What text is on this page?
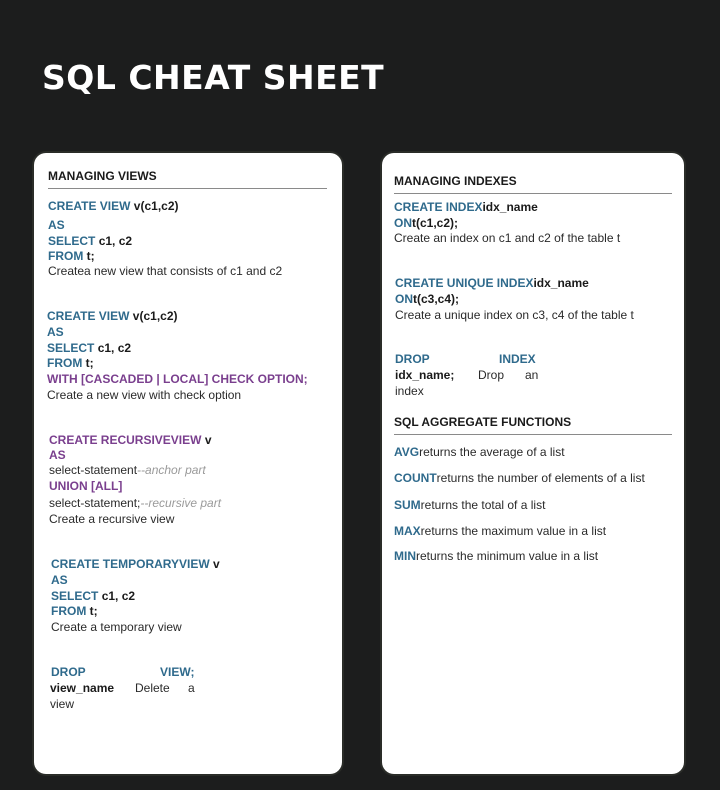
SQL CHEAT SHEET
MANAGING VIEWS
CREATE VIEW v(c1,c2)
AS
SELECT c1, c2
FROM t;
Createa new view that consists of c1 and c2
CREATE VIEW v(c1,c2)
AS
SELECT c1, c2
FROM t;
WITH [CASCADED | LOCAL] CHECK OPTION;
Create a new view with check option
CREATE RECURSIVEVIEW v
AS
select-statement--anchor part
UNION [ALL]
select-statement;--recursive part
Create a recursive view
CREATE TEMPORARYVIEW v
AS
SELECT c1, c2
FROM t;
Create a temporary view
DROP	VIEW;
view_name Delete a
view
MANAGING INDEXES
CREATE INDEXidx_name
ONt(c1,c2);
Create an index on c1 and c2 of the table t
CREATE UNIQUE INDEXidx_name
ONt(c3,c4);
Create a unique index on c3, c4 of the table t
DROP	INDEX
idx_name; Drop an
index
SQL AGGREGATE FUNCTIONS
AVGreturns the average of a list
COUNTreturns the number of elements of a list
SUMreturns the total of a list
MAXreturns the maximum value in a list
MINreturns the minimum value in a list
